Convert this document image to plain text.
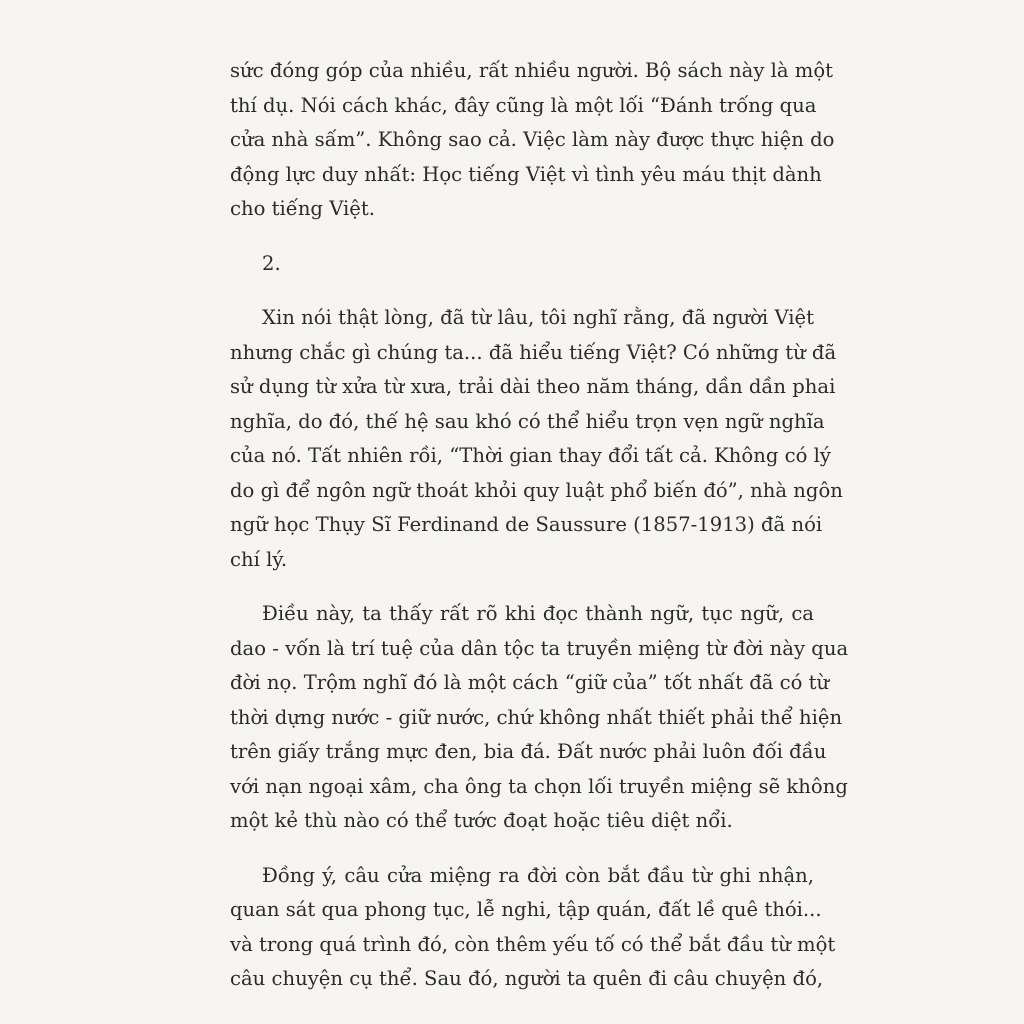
sức đóng góp của nhiều, rất nhiều người. Bộ sách này là một
thí dụ. Nói cách khác, đây cũng là một lối “Đánh trống qua
cửa nhà sấm”. Không sao cả. Việc làm này được thực hiện do
động lực duy nhất: Học tiếng Việt vì tình yêu máu thịt dành
cho tiếng Việt.

2.

Xin nói thật lòng, đã từ lâu, tôi nghĩ rằng, đã người Việt
nhưng chắc gì chúng ta... đã hiểu tiếng Việt? Có những từ đã
sử dụng từ xửa từ xưa, trải dài theo năm tháng, dần dần phai
nghĩa, do đó, thế hệ sau khó có thể hiểu trọn vẹn ngữ nghĩa
của nó. Tất nhiên rồi, “Thời gian thay đổi tất cả. Không có lý
do gì để ngôn ngữ thoát khỏi quy luật phổ biến đó”, nhà ngôn
ngữ học Thụy Sĩ Ferdinand de Saussure (1857-1913) đã nói
chí lý.

Điều này, ta thấy rất rõ khi đọc thành ngữ, tục ngữ, ca
dao - vốn là trí tuệ của dân tộc ta truyền miệng từ đời này qua
đời nọ. Trộm nghĩ đó là một cách “giữ của” tốt nhất đã có từ
thời dựng nước - giữ nước, chứ không nhất thiết phải thể hiện
trên giấy trắng mực đen, bia đá. Đất nước phải luôn đối đầu
với nạn ngoại xâm, cha ông ta chọn lối truyền miệng sẽ không
một kẻ thù nào có thể tước đoạt hoặc tiêu diệt nổi.

Đồng ý, câu cửa miệng ra đời còn bắt đầu từ ghi nhận,
quan sát qua phong tục, lễ nghi, tập quán, đất lề quê thói...
và trong quá trình đó, còn thêm yếu tố có thể bắt đầu từ một
câu chuyện cụ thể. Sau đó, người ta quên đi câu chuyện đó,
